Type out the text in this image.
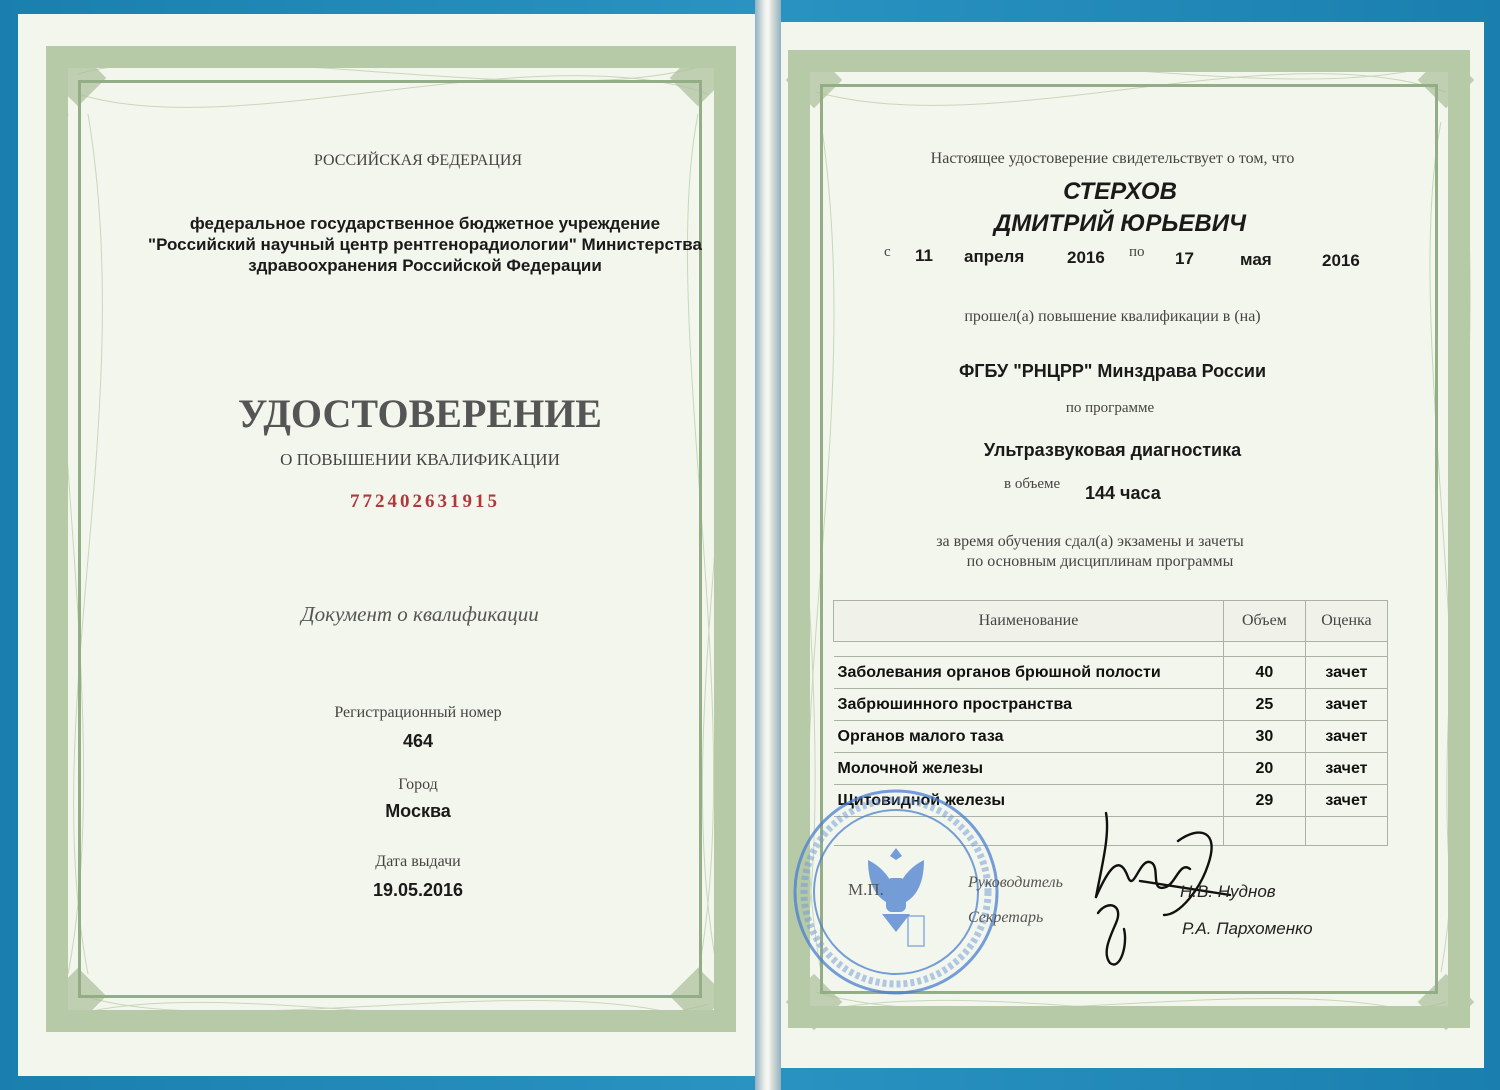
РОССИЙСКАЯ ФЕДЕРАЦИЯ
федеральное государственное бюджетное учреждение
"Российский научный центр рентгенорадиологии" Министерства
здравоохранения Российской Федерации
УДОСТОВЕРЕНИЕ
О ПОВЫШЕНИИ КВАЛИФИКАЦИИ
772402631915
Документ о квалификации
Регистрационный номер
464
Город
Москва
Дата выдачи
19.05.2016
Настоящее удостоверение свидетельствует о том, что
СТЕРХОВ
ДМИТРИЙ ЮРЬЕВИЧ
с 11 апреля	2016 по 17	мая	2016
прошел(а) повышение квалификации в (на)
ФГБУ "РНЦРР" Минздрава России
по программе
Ультразвуковая диагностика
в объеме 144 часа
за время обучения сдал(а) экзамены и зачеты
по основным дисциплинам программы
Наименование	Объем	Оценка

Заболевания органов брюшной полости	40	зачет
Забрюшинного пространства	25	зачет
Органов малого таза	30	зачет
Молочной железы	20	зачет
Щитовидной железы	29	зачет

М.П.	Руководитель
Секретарь
Н.В. Нуднов
Р.А. Пархоменко
